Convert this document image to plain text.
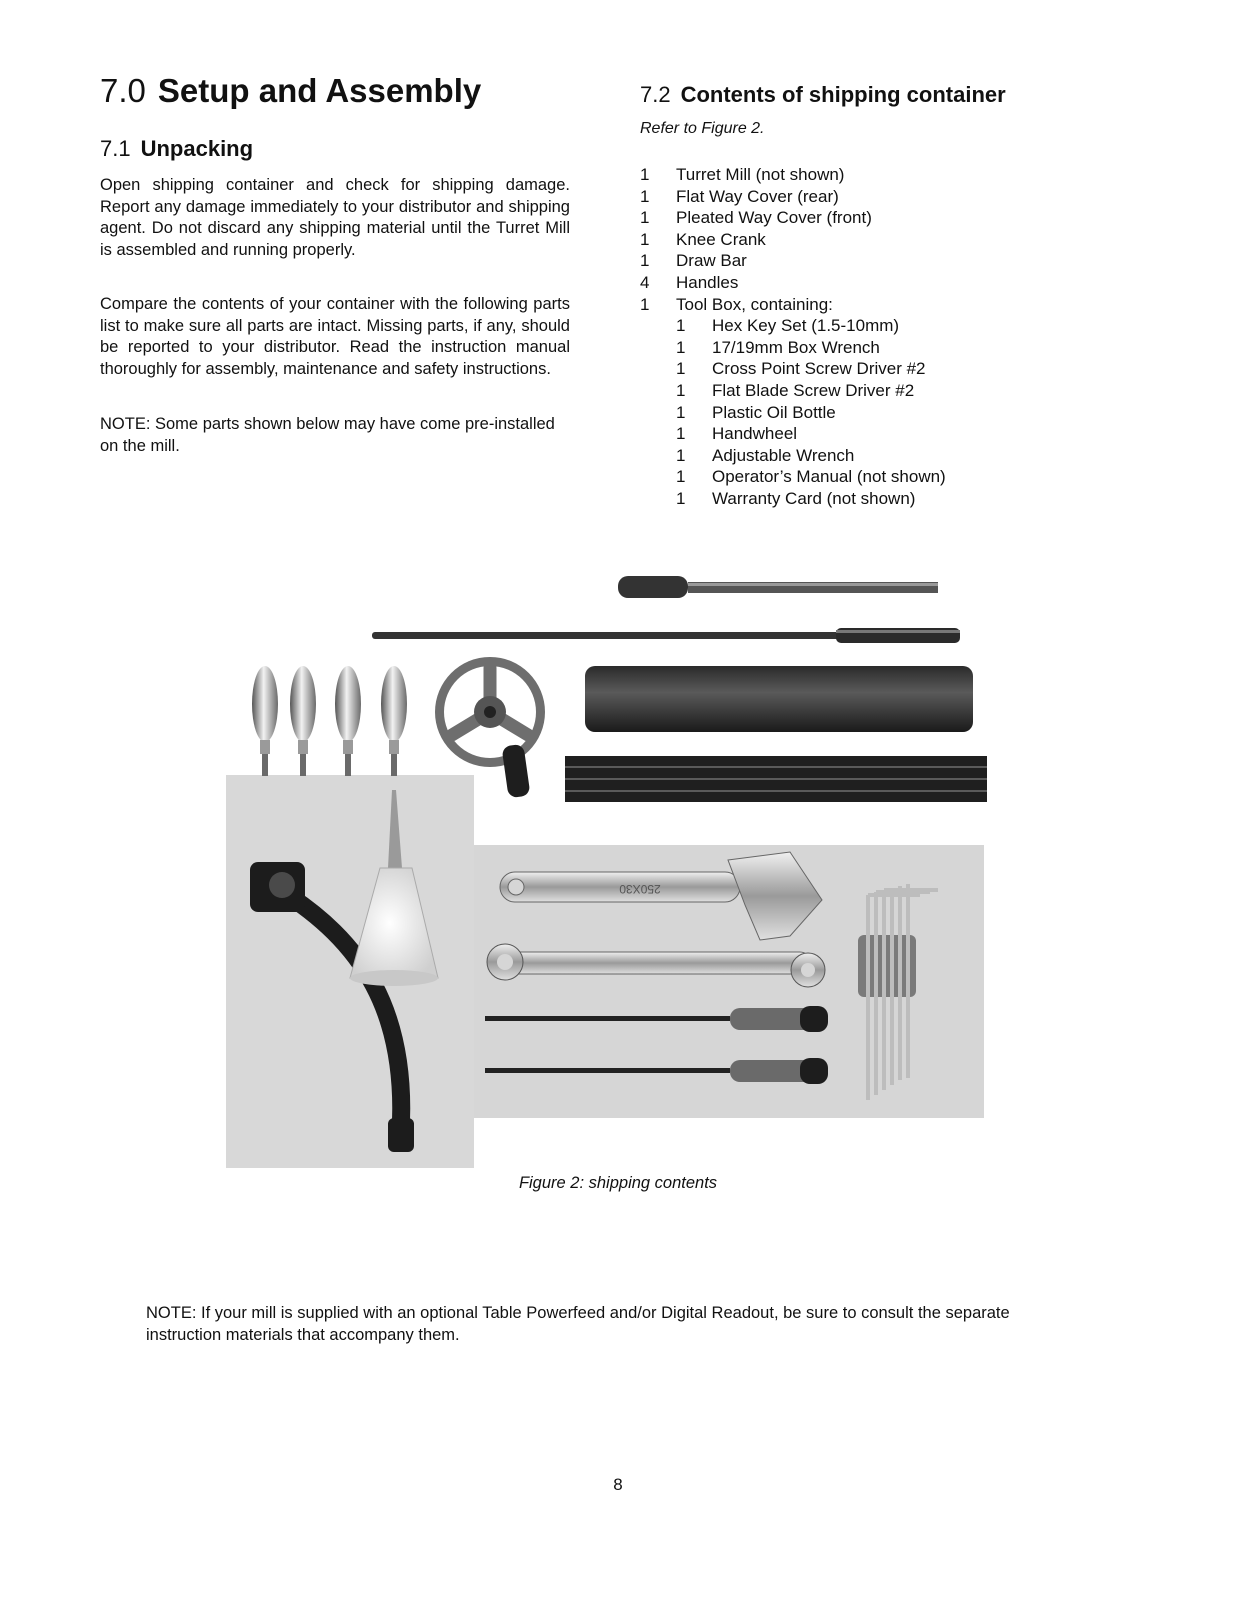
7.0 Setup and Assembly
7.1 Unpacking
Open shipping container and check for shipping damage. Report any damage immediately to your distributor and shipping agent. Do not discard any shipping material until the Turret Mill is assembled and running properly.
Compare the contents of your container with the following parts list to make sure all parts are intact. Missing parts, if any, should be reported to your distributor. Read the instruction manual thoroughly for assembly, maintenance and safety instructions.
NOTE: Some parts shown below may have come pre-installed on the mill.
7.2 Contents of shipping container
Refer to Figure 2.
1	Turret Mill (not shown)
1	Flat Way Cover (rear)
1	Pleated Way Cover (front)
1	Knee Crank
1	Draw Bar
4	Handles
1	Tool Box, containing:
1	Hex Key Set (1.5-10mm)
1	17/19mm Box Wrench
1	Cross Point Screw Driver #2
1	Flat Blade Screw Driver #2
1	Plastic Oil Bottle
1	Handwheel
1	Adjustable Wrench
1	Operator’s Manual (not shown)
1	Warranty Card (not shown)
250X30
Figure 2: shipping contents
NOTE: If your mill is supplied with an optional Table Powerfeed and/or Digital Readout, be sure to consult the separate instruction materials that accompany them.
8
